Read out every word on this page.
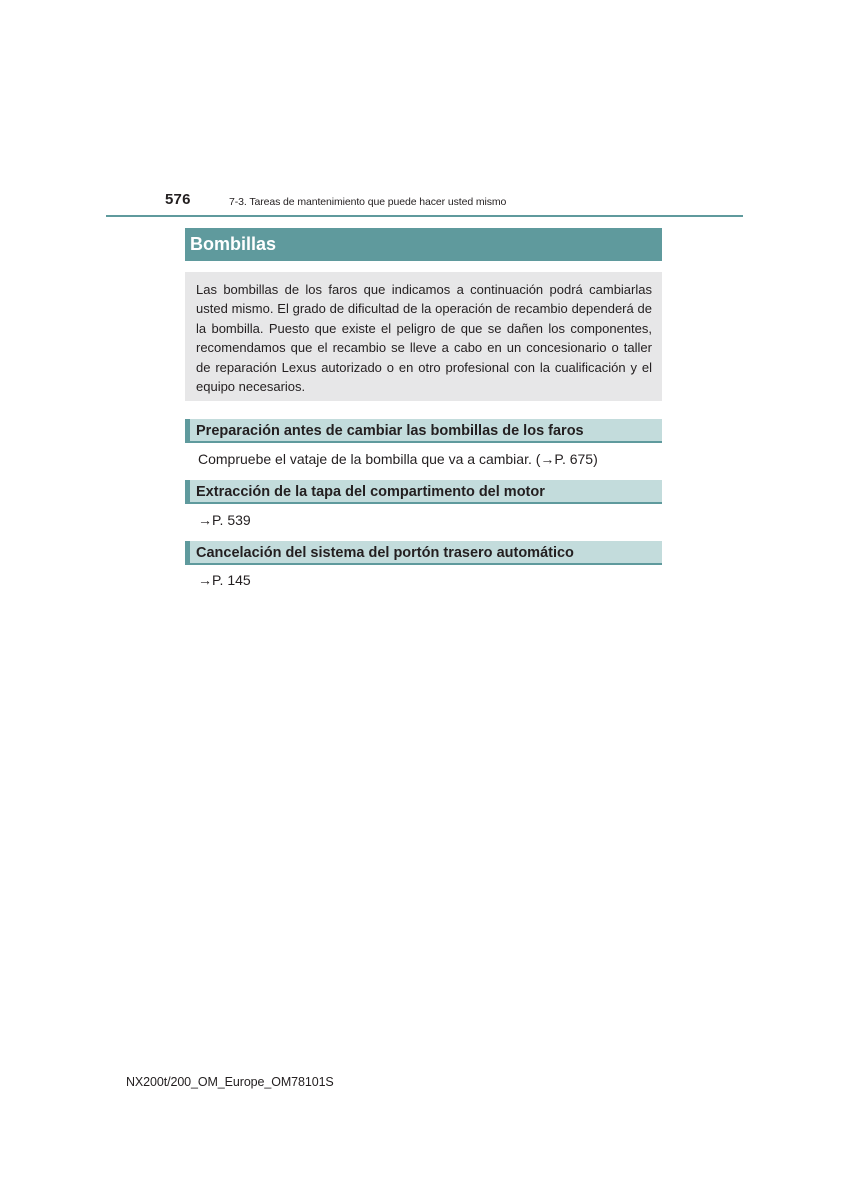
576	7-3. Tareas de mantenimiento que puede hacer usted mismo
Bombillas

Las bombillas de los faros que indicamos a continuación podrá cambiarlas usted mismo. El grado de dificultad de la operación de recambio dependerá de la bombilla. Puesto que existe el peligro de que se dañen los componentes, recomendamos que el recambio se lleve a cabo en un concesionario o taller de reparación Lexus autorizado o en otro profesional con la cualificación y el equipo necesarios.

Preparación antes de cambiar las bombillas de los faros
Compruebe el vataje de la bombilla que va a cambiar. (→P. 675)
Extracción de la tapa del compartimento del motor
→P. 539
Cancelación del sistema del portón trasero automático
→P. 145
NX200t/200_OM_Europe_OM78101S
